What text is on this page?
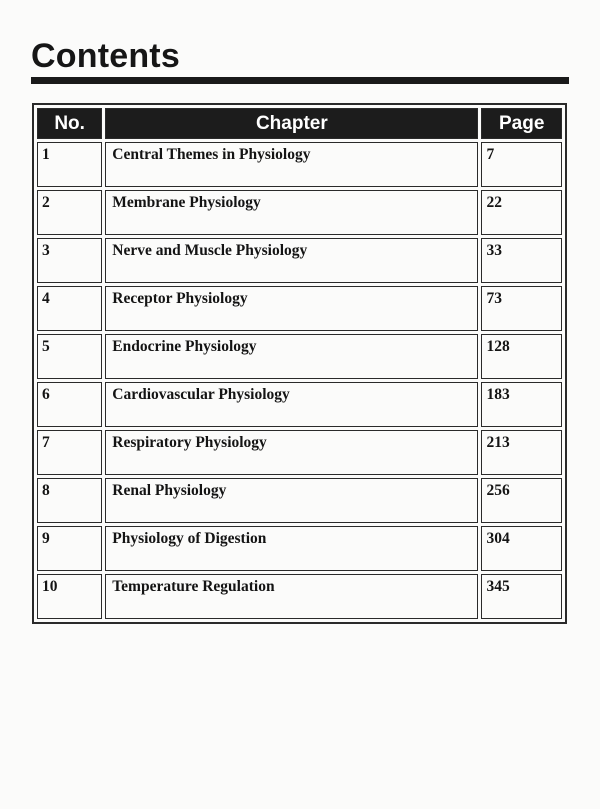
Contents
No.	Chapter	Page
1	Central Themes in Physiology	7
2	Membrane Physiology	22
3	Nerve and Muscle Physiology	33
4	Receptor Physiology	73
5	Endocrine Physiology	128
6	Cardiovascular Physiology	183
7	Respiratory Physiology	213
8	Renal Physiology	256
9	Physiology of Digestion	304
10	Temperature Regulation	345
